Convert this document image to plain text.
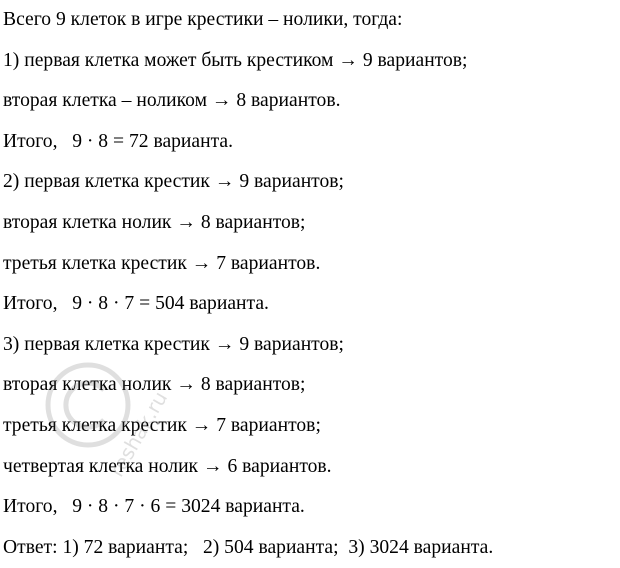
Всего 9 клеток в игре крестики – нолики, тогда:
1) первая клетка может быть крестиком → 9 вариантов;
вторая клетка – ноликом → 8 вариантов.
Итого,   9 · 8 = 72 варианта.
2) первая клетка крестик → 9 вариантов;
вторая клетка нолик → 8 вариантов;
третья клетка крестик → 7 вариантов.
Итого,   9 · 8 · 7 = 504 варианта.
3) первая клетка крестик → 9 вариантов;
вторая клетка нолик → 8 вариантов;
третья клетка крестик → 7 вариантов;
четвертая клетка нолик → 6 вариантов.
Итого,   9 · 8 · 7 · 6 = 3024 варианта.
Ответ: 1) 72 варианта;   2) 504 варианта;  3) 3024 варианта.
reshak.ru
